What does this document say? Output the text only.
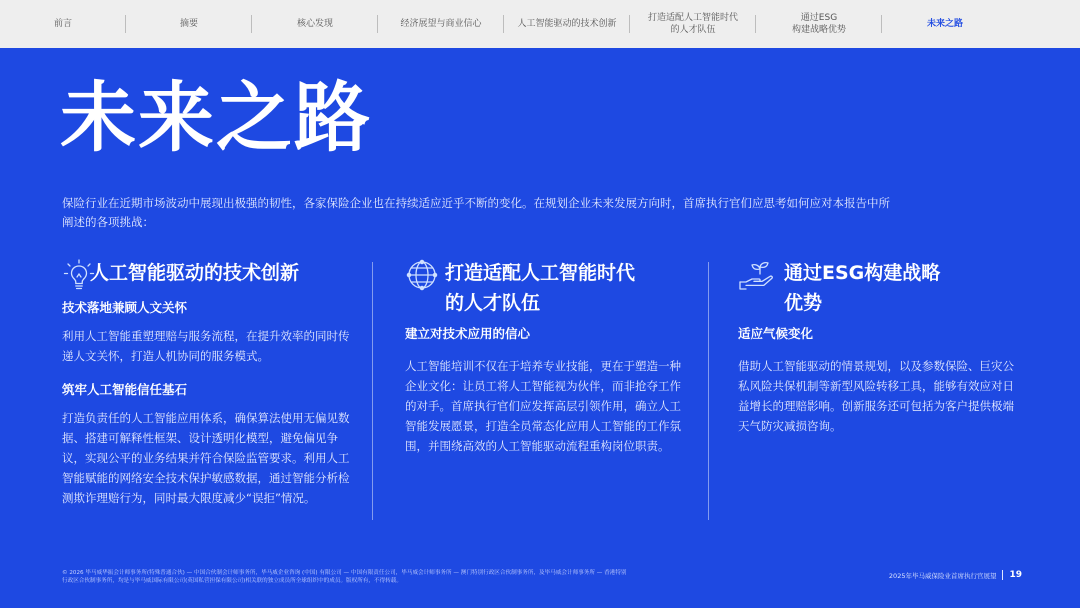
前言	摘要	核心发现	经济展望与商业信心	人工智能驱动的技术创新
打造适配人工智能时代
的人才队伍
通过ESG
构建战略优势
未来之路
未来之路

保险行业在近期市场波动中展现出极强的韧性，各家保险企业也在持续适应近乎不断的变化。在规划企业未来发展方向时，首席执行官们应思考如何应对本报告中所阐述的各项挑战：

人工智能驱动的技术创新

技术落地兼顾人文关怀

利用人工智能重塑理赔与服务流程，在提升效率的同时传递人文关怀，打造人机协同的服务模式。

筑牢人工智能信任基石

打造负责任的人工智能应用体系，确保算法使用无偏见数据、搭建可解释性框架、设计透明化模型，避免偏见争议，实现公平的业务结果并符合保险监管要求。利用人工智能赋能的网络安全技术保护敏感数据，通过智能分析检测欺诈理赔行为，同时最大限度减少“误拒”情况。

打造适配人工智能时代
的人才队伍

建立对技术应用的信心

人工智能培训不仅在于培养专业技能，更在于塑造一种企业文化：让员工将人工智能视为伙伴，而非抢夺工作的对手。首席执行官们应发挥高层引领作用，确立人工智能发展愿景，打造全员常态化应用人工智能的工作氛围，并围绕高效的人工智能驱动流程重构岗位职责。

通过ESG构建战略
优势

适应气候变化

借助人工智能驱动的情景规划，以及参数保险、巨灾公私风险共保机制等新型风险转移工具，能够有效应对日益增长的理赔影响。创新服务还可包括为客户提供极端天气防灾减损咨询。

© 2026 毕马威华振会计师事务所(特殊普通合伙) — 中国合伙制会计师事务所，毕马威企业咨询 (中国) 有限公司 — 中国有限责任公司，毕马威会计师事务所 — 澳门特别行政区合伙制事务所，及毕马威会计师事务所 — 香港特别行政区合伙制事务所，均是与毕马威国际有限公司(英国私营担保有限公司)相关联的独立成员所全球组织中的成员。版权所有，不得转载。
2025年毕马威保险业首席执行官展望 19
